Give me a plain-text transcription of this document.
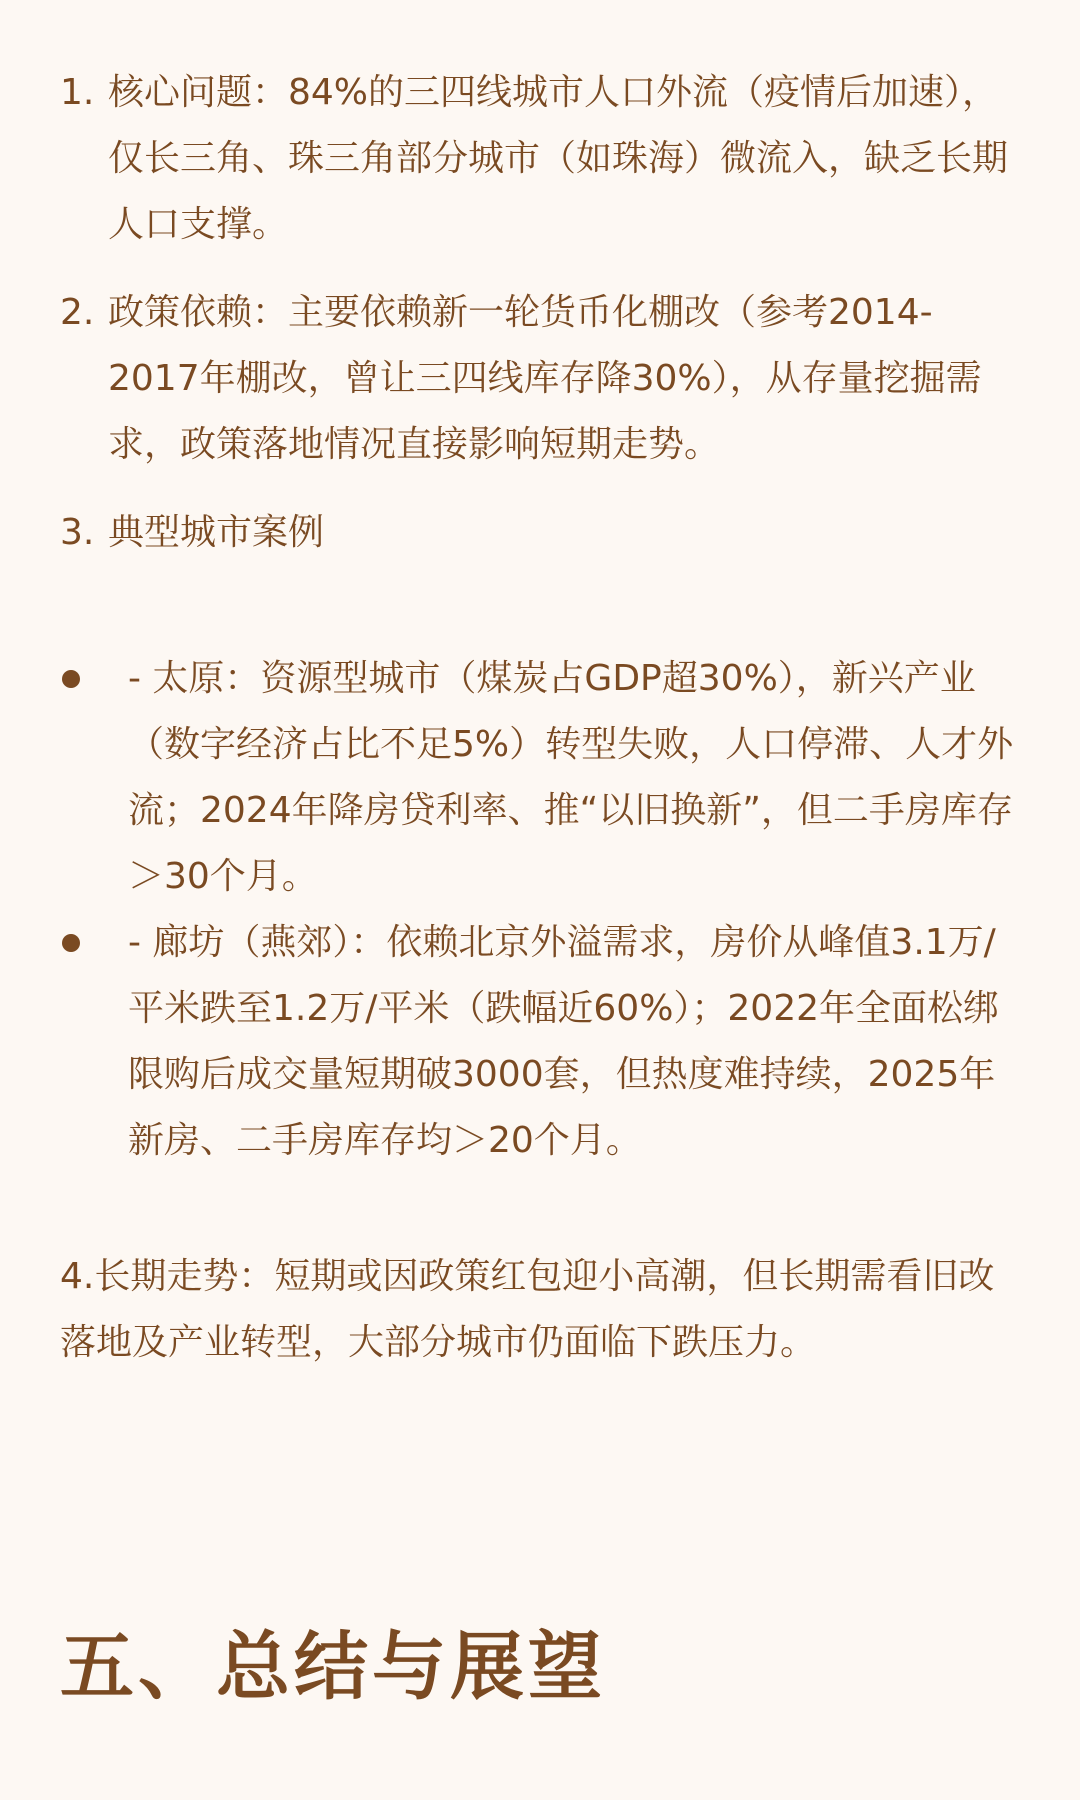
1. 核心问题：84%的三四线城市人口外流（疫情后加速），仅长三角、珠三角部分城市（如珠海）微流入，缺乏长期人口支撑。
2. 政策依赖：主要依赖新一轮货币化棚改（参考2014-2017年棚改，曾让三四线库存降30%），从存量挖掘需求，政策落地情况直接影响短期走势。
3. 典型城市案例
- 太原：资源型城市（煤炭占GDP超30%），新兴产业（数字经济占比不足5%）转型失败，人口停滞、人才外流；2024年降房贷利率、推“以旧换新”，但二手房库存＞30个月。
- 廊坊（燕郊）：依赖北京外溢需求，房价从峰值3.1万/平米跌至1.2万/平米（跌幅近60%）；2022年全面松绑限购后成交量短期破3000套，但热度难持续，2025年新房、二手房库存均＞20个月。

4.长期走势：短期或因政策红包迎小高潮，但长期需看旧改落地及产业转型，大部分城市仍面临下跌压力。

五、总结与展望
